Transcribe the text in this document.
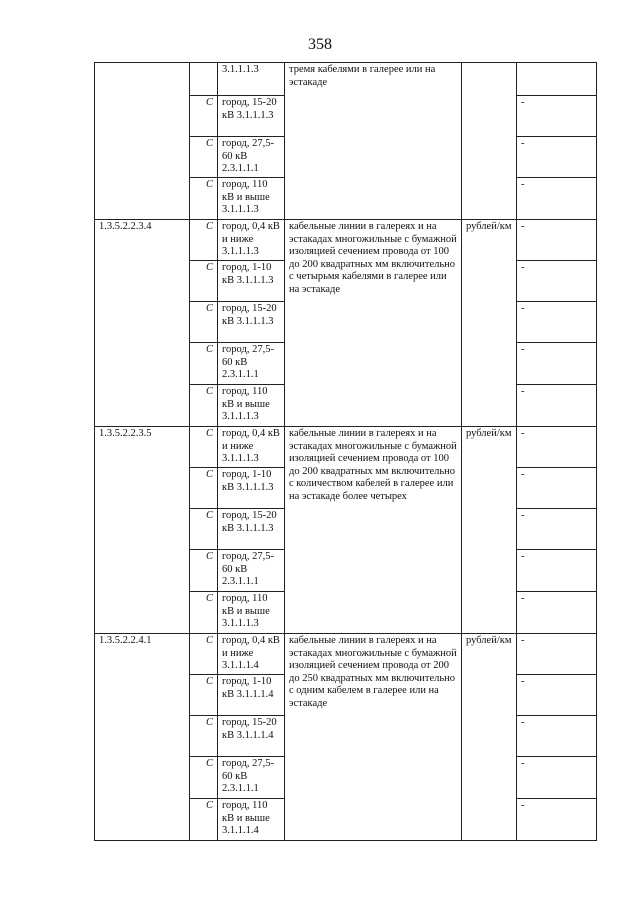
358
		3.1.1.1.3	тремя кабелями в галерее или на эстакаде		
	С	город, 15-20 кВ 3.1.1.1.3			-
	С	город, 27,5-60 кВ 2.3.1.1.1			-
	С	город, 110 кВ и выше 3.1.1.1.3			-
1.3.5.2.2.3.4	С	город, 0,4 кВ и ниже 3.1.1.1.3	кабельные линии в галереях и на эстакадах многожильные с бумажной изоляцией сечением провода от 100 до 200 квадратных мм включительно с четырьмя кабелями в галерее или на эстакаде	рублей/км	-
	С	город, 1-10 кВ 3.1.1.1.3			-
	С	город, 15-20 кВ 3.1.1.1.3			-
	С	город, 27,5-60 кВ 2.3.1.1.1			-
	С	город, 110 кВ и выше 3.1.1.1.3			-
1.3.5.2.2.3.5	С	город, 0,4 кВ и ниже 3.1.1.1.3	кабельные линии в галереях и на эстакадах многожильные с бумажной изоляцией сечением провода от 100 до 200 квадратных мм включительно с количеством кабелей в галерее или на эстакаде более четырех	рублей/км	-
	С	город, 1-10 кВ 3.1.1.1.3			-
	С	город, 15-20 кВ 3.1.1.1.3			-
	С	город, 27,5-60 кВ 2.3.1.1.1			-
	С	город, 110 кВ и выше 3.1.1.1.3			-
1.3.5.2.2.4.1	С	город, 0,4 кВ и ниже 3.1.1.1.4	кабельные линии в галереях и на эстакадах многожильные с бумажной изоляцией сечением провода от 200 до 250 квадратных мм включительно с одним кабелем в галерее или на эстакаде	рублей/км	-
	С	город, 1-10 кВ 3.1.1.1.4			-
	С	город, 15-20 кВ 3.1.1.1.4			-
	С	город, 27,5-60 кВ 2.3.1.1.1			-
	С	город, 110 кВ и выше 3.1.1.1.4			-
